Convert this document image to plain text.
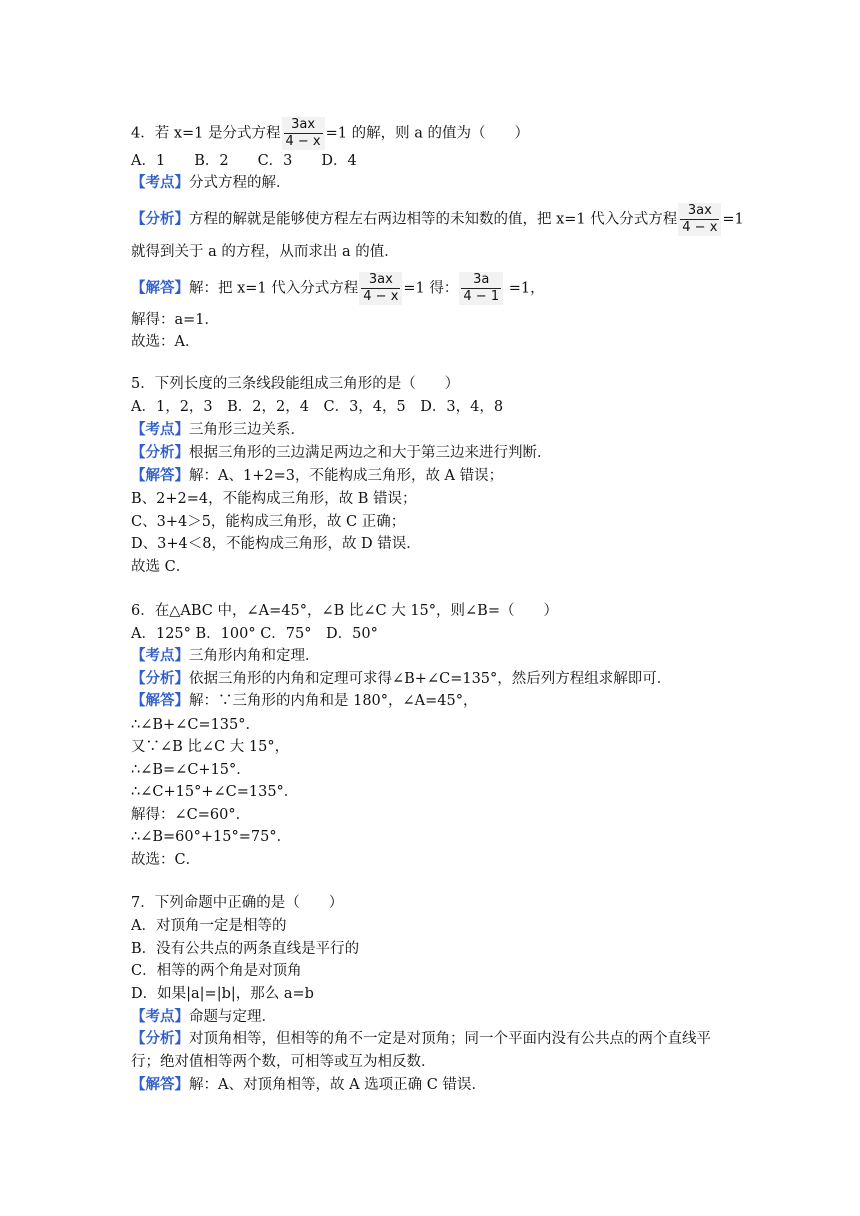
4．若 x=1 是分式方程 $\frac{3ax}{4 - x} =1$ 的解，则 a 的值为（　　）
A．1　　B．2　　C．3　　D．4
【考点】分式方程的解．
【分析】方程的解就是能够使方程左右两边相等的未知数的值，把 x=1 代入分式方程 $\frac{3ax}{4 - x} =1$
就得到关于 a 的方程，从而求出 a 的值．
【解答】解：把 x=1 代入分式方程 $\frac{3ax}{4 - x} =1$ 得： $\frac{3a}{4 - 1} =1$，
解得：a=1．
故选：A．
5．下列长度的三条线段能组成三角形的是（　　）
A．1，2，3　B．2，2，4　C．3，4，5　D．3，4，8
【考点】三角形三边关系．
【分析】根据三角形的三边满足两边之和大于第三边来进行判断．
【解答】解：A、1+2=3，不能构成三角形，故 A 错误；
B、2+2=4，不能构成三角形，故 B 错误；
C、3+4＞5，能构成三角形，故 C 正确；
D、3+4＜8，不能构成三角形，故 D 错误．
故选 C．
6．在△ABC 中，∠A=45°，∠B 比∠C 大 15°，则∠B=（　　）
A．125° B．100° C．75°　D．50°
【考点】三角形内角和定理．
【分析】依据三角形的内角和定理可求得∠B+∠C=135°，然后列方程组求解即可．
【解答】解：∵三角形的内角和是 180°，∠A=45°，
∴∠B+∠C=135°．
又∵∠B 比∠C 大 15°，
∴∠B=∠C+15°．
∴∠C+15°+∠C=135°．
解得：∠C=60°．
∴∠B=60°+15°=75°．
故选：C．
7．下列命题中正确的是（　　）
A．对顶角一定是相等的
B．没有公共点的两条直线是平行的
C．相等的两个角是对顶角
D．如果|a|=|b|，那么 a=b
【考点】命题与定理．
【分析】对顶角相等，但相等的角不一定是对顶角；同一个平面内没有公共点的两个直线平
行；绝对值相等两个数，可相等或互为相反数．
【解答】解：A、对顶角相等，故 A 选项正确 C 错误．
